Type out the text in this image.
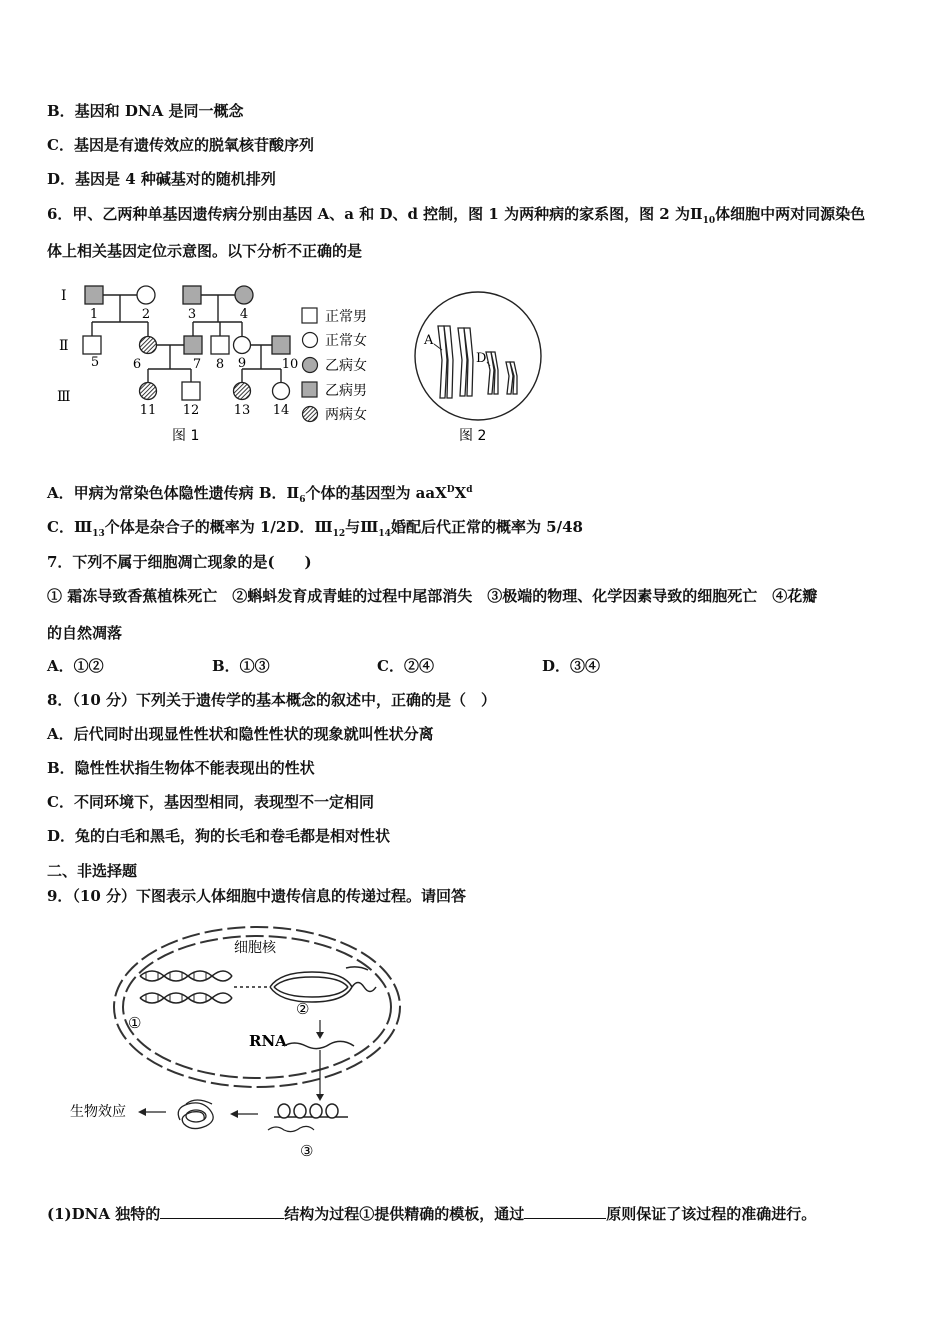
B．基因和 DNA 是同一概念
C．基因是有遗传效应的脱氧核苷酸序列
D．基因是 4 种碱基对的随机排列
6．甲、乙两种单基因遗传病分别由基因 A、a 和 D、d 控制，图 1 为两种病的家系图，图 2 为$Ⅱ_{10}$体细胞中两对同源染色
体上相关基因定位示意图。以下分析不正确的是
Ⅰ
Ⅱ
Ⅲ
1	2	3	4
5	6	7 8 9	10
11 12	13 14
正常男
正常女
乙病女
乙病男
两病女
图 1
A
D
图 2
A．甲病为常染色体隐性遗传病 B．$Ⅱ_6$个体的基因型为 $aaX^DX^d$
C．$Ⅲ_{13}$个体是杂合子的概率为 1/2D．$Ⅲ_{12}$与$Ⅲ_{14}$婚配后代正常的概率为 5/48
7．下列不属于细胞凋亡现象的是(　　)
① 霜冻导致香蕉植株死亡　②蝌蚪发育成青蛙的过程中尾部消失　③极端的物理、化学因素导致的细胞死亡　④花瓣
的自然凋落
A．①②	B．①③	C．②④	D．③④
8．（10 分）下列关于遗传学的基本概念的叙述中，正确的是（　）
A．后代同时出现显性性状和隐性性状的现象就叫性状分离
B．隐性性状指生物体不能表现出的性状
C．不同环境下，基因型相同，表现型不一定相同
D．兔的白毛和黑毛，狗的长毛和卷毛都是相对性状
二、非选择题
9．（10 分）下图表示人体细胞中遗传信息的传递过程。请回答
细胞核
①
②
RNA
③
生物效应
(1)DNA 独特的	结构为过程①提供精确的模板，通过	原则保证了该过程的准确进行。
